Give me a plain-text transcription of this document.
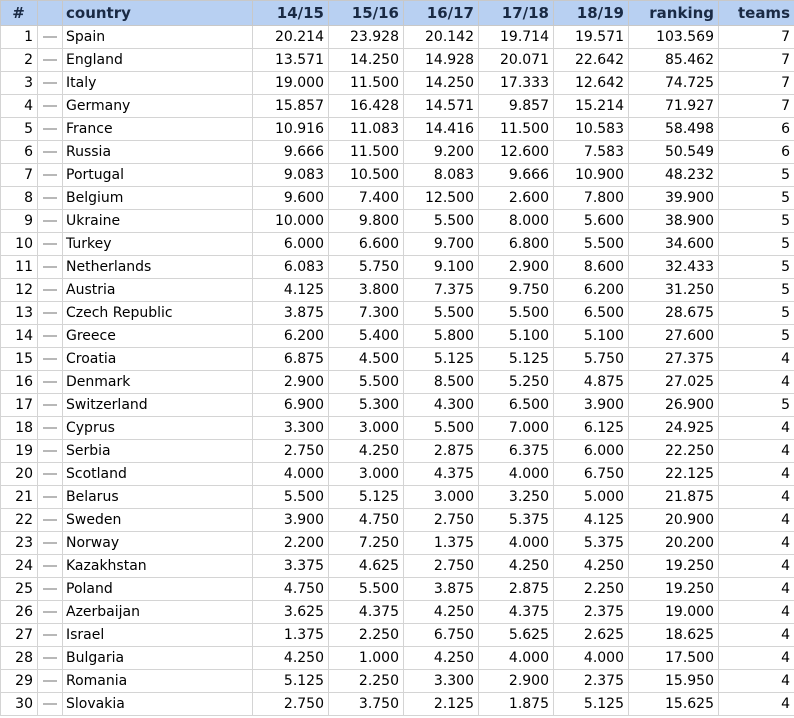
#		country	14/15	15/16	16/17	17/18	18/19	ranking	teams
1		Spain	20.214	23.928	20.142	19.714	19.571	103.569	7
2		England	13.571	14.250	14.928	20.071	22.642	85.462	7
3		Italy	19.000	11.500	14.250	17.333	12.642	74.725	7
4		Germany	15.857	16.428	14.571	9.857	15.214	71.927	7
5		France	10.916	11.083	14.416	11.500	10.583	58.498	6
6		Russia	9.666	11.500	9.200	12.600	7.583	50.549	6
7		Portugal	9.083	10.500	8.083	9.666	10.900	48.232	5
8		Belgium	9.600	7.400	12.500	2.600	7.800	39.900	5
9		Ukraine	10.000	9.800	5.500	8.000	5.600	38.900	5
10		Turkey	6.000	6.600	9.700	6.800	5.500	34.600	5
11		Netherlands	6.083	5.750	9.100	2.900	8.600	32.433	5
12		Austria	4.125	3.800	7.375	9.750	6.200	31.250	5
13		Czech Republic	3.875	7.300	5.500	5.500	6.500	28.675	5
14		Greece	6.200	5.400	5.800	5.100	5.100	27.600	5
15		Croatia	6.875	4.500	5.125	5.125	5.750	27.375	4
16		Denmark	2.900	5.500	8.500	5.250	4.875	27.025	4
17		Switzerland	6.900	5.300	4.300	6.500	3.900	26.900	5
18		Cyprus	3.300	3.000	5.500	7.000	6.125	24.925	4
19		Serbia	2.750	4.250	2.875	6.375	6.000	22.250	4
20		Scotland	4.000	3.000	4.375	4.000	6.750	22.125	4
21		Belarus	5.500	5.125	3.000	3.250	5.000	21.875	4
22		Sweden	3.900	4.750	2.750	5.375	4.125	20.900	4
23		Norway	2.200	7.250	1.375	4.000	5.375	20.200	4
24		Kazakhstan	3.375	4.625	2.750	4.250	4.250	19.250	4
25		Poland	4.750	5.500	3.875	2.875	2.250	19.250	4
26		Azerbaijan	3.625	4.375	4.250	4.375	2.375	19.000	4
27		Israel	1.375	2.250	6.750	5.625	2.625	18.625	4
28		Bulgaria	4.250	1.000	4.250	4.000	4.000	17.500	4
29		Romania	5.125	2.250	3.300	2.900	2.375	15.950	4
30		Slovakia	2.750	3.750	2.125	1.875	5.125	15.625	4
